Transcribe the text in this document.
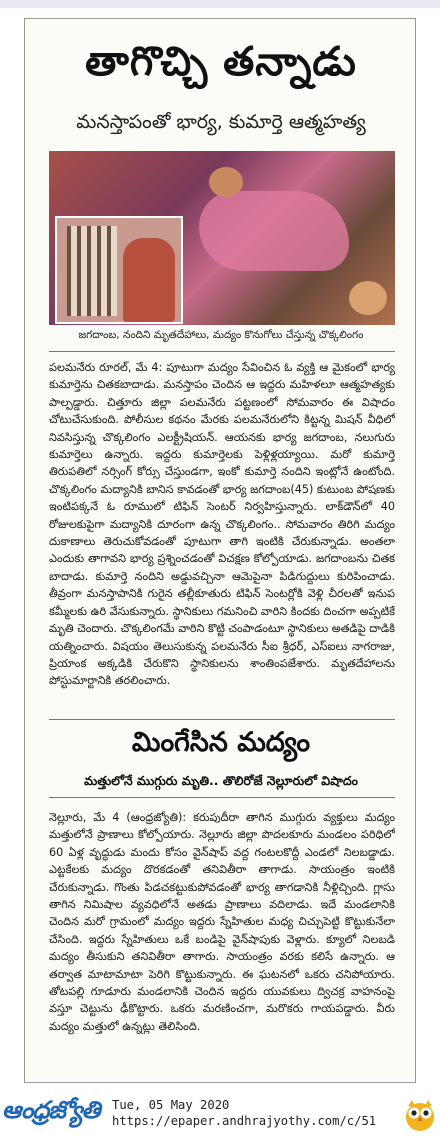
తాగొచ్చి తన్నాడు
మనస్తాపంతో భార్య, కుమార్తె ఆత్మహత్య
జగదాంబ, నందిని మృతదేహాలు, మద్యం కొనుగోలు చేస్తున్న చొక్కలింగం
పలమనేరు రూరల్, మే 4: పూటుగా మద్యం సేవించిన ఓ వ్యక్తి ఆ మైకంలో భార్య కుమార్తెను చితకబాదాడు. మనస్తాపం చెందిన ఆ ఇద్దరు మహిళలూ ఆత్మహత్యకు పాల్పడ్డారు. చిత్తూరు జిల్లా పలమనేరు పట్టణంలో సోమవారం ఈ విషాదం చోటుచేసుకుంది. పోలీసుల కథనం మేరకు పలమనేరులోని కిట్టన్న మిషన్ వీధిలో నివసిస్తున్న చొక్కలింగం ఎలక్ట్రీషియన్. ఆయనకు భార్య జగదాంబ, నలుగురు కుమార్తెలు ఉన్నారు. ఇద్దరు కుమార్తెలకు పెళ్లిళ్లయ్యాయి. మరో కుమార్తె తిరుపతిలో నర్సింగ్ కోర్సు చేస్తుండగా, ఇంకో కుమార్తె నందిని ఇంట్లోనే ఉంటోంది. చొక్కలింగం మద్యానికి బానిస కావడంతో భార్య జగదాంబ(45) కుటుంబ పోషణకు ఇంటిపక్కనే ఓ రూములో టిఫిన్ సెంటర్ నిర్వహిస్తున్నారు. లాక్‌డౌన్‌లో 40 రోజులకుపైగా మద్యానికి దూరంగా ఉన్న చొక్కలింగం.. సోమవారం తిరిగి మద్యం దుకాణాలు తెరుచుకోవడంతో పూటుగా తాగి ఇంటికి చేరుకున్నాడు. అంతలా ఎందుకు తాగావని భార్య ప్రశ్నించడంతో విచక్షణ కోల్పోయాడు. జగదాంబను చితక బాదాడు. కుమార్తె నందిని అడ్డువచ్చినా ఆమెపైనా పిడిగుద్దులు కురిపించాడు. తీవ్రంగా మనస్తాపానికి గురైన తల్లీకూతురు టిఫిన్ సెంటర్లోకి వెళ్లి చీరలతో ఇనుప కమ్మీలకు ఉరి వేసుకున్నారు. స్థానికులు గమనించి వారిని కిందకు దించగా అప్పటికే మృతి చెందారు. చొక్కలింగమే వారిని కొట్టి చంపాడంటూ స్థానికులు అతడిపై దాడికి యత్నించారు. విషయం తెలుసుకున్న పలమనేరు సీఐ శ్రీధర్, ఎస్ఐలు నాగరాజు, ప్రియాంక అక్కడికి చేరుకొని స్థానికులను శాంతింపజేశారు. మృతదేహాలను పోస్టుమార్టానికి తరలించారు.
మింగేసిన మద్యం
మత్తులోనే ముగ్గురు మృతి.. తొలిరోజే నెల్లూరులో విషాదం
నెల్లూరు, మే 4 (ఆంధ్రజ్యోతి): కరుపుదీరా తాగిన ముగ్గురు వ్యక్తులు మద్యం మత్తులోనే ప్రాణాలు కోల్పోయారు. నెల్లూరు జిల్లా పొదలకూరు మండలం పరిధిలో 60 ఏళ్ల వృద్ధుడు మందు కోసం వైన్‌షాప్ వద్ద గంటలకొద్దీ ఎండలో నిలబడ్డాడు. ఎట్టకేలకు మద్యం దొరకడంతో తనివితీరా తాగాడు. సాయంత్రం ఇంటికి చేరుకున్నాడు. గొంతు పిడచకట్టుకుపోవడంతో భార్య తాగడానికి నీళ్లిచ్చింది. గ్లాసు తాగిన నిమిషాల వ్యవధిలోనే అతడు ప్రాణాలు వదిలాడు. ఇదే మండలానికి చెందిన మరో గ్రామంలో మద్యం ఇద్దరు స్నేహితుల మధ్య చిచ్చుపెట్టి కొట్టుకునేలా చేసింది. ఇద్దరు స్నేహితులు ఒకే బండిపై వైన్‌షాపుకు వెళ్లారు. క్యూలో నిలబడి మద్యం తీసుకుని తనివితీరా తాగారు. సాయంత్రం వరకు కలిసే ఉన్నారు. ఆ తర్వాత మాటామాటా పెరిగి కొట్టుకున్నారు. ఈ ఘటనలో ఒకరు చనిపోయారు. తోటపల్లి గూడూరు మండలానికి చెందిన ఇద్దరు యువకులు ద్విచక్ర వాహనంపై వస్తూ చెట్టును ఢీకొట్టారు. ఒకరు మరణించగా, మరొకరు గాయపడ్డారు. వీరు మద్యం మత్తులో ఉన్నట్లు తెలిసింది.
ఆంధ్రజ్యోతి Tue, 05 May 2020
https://epaper.andhrajyothy.com/c/51
